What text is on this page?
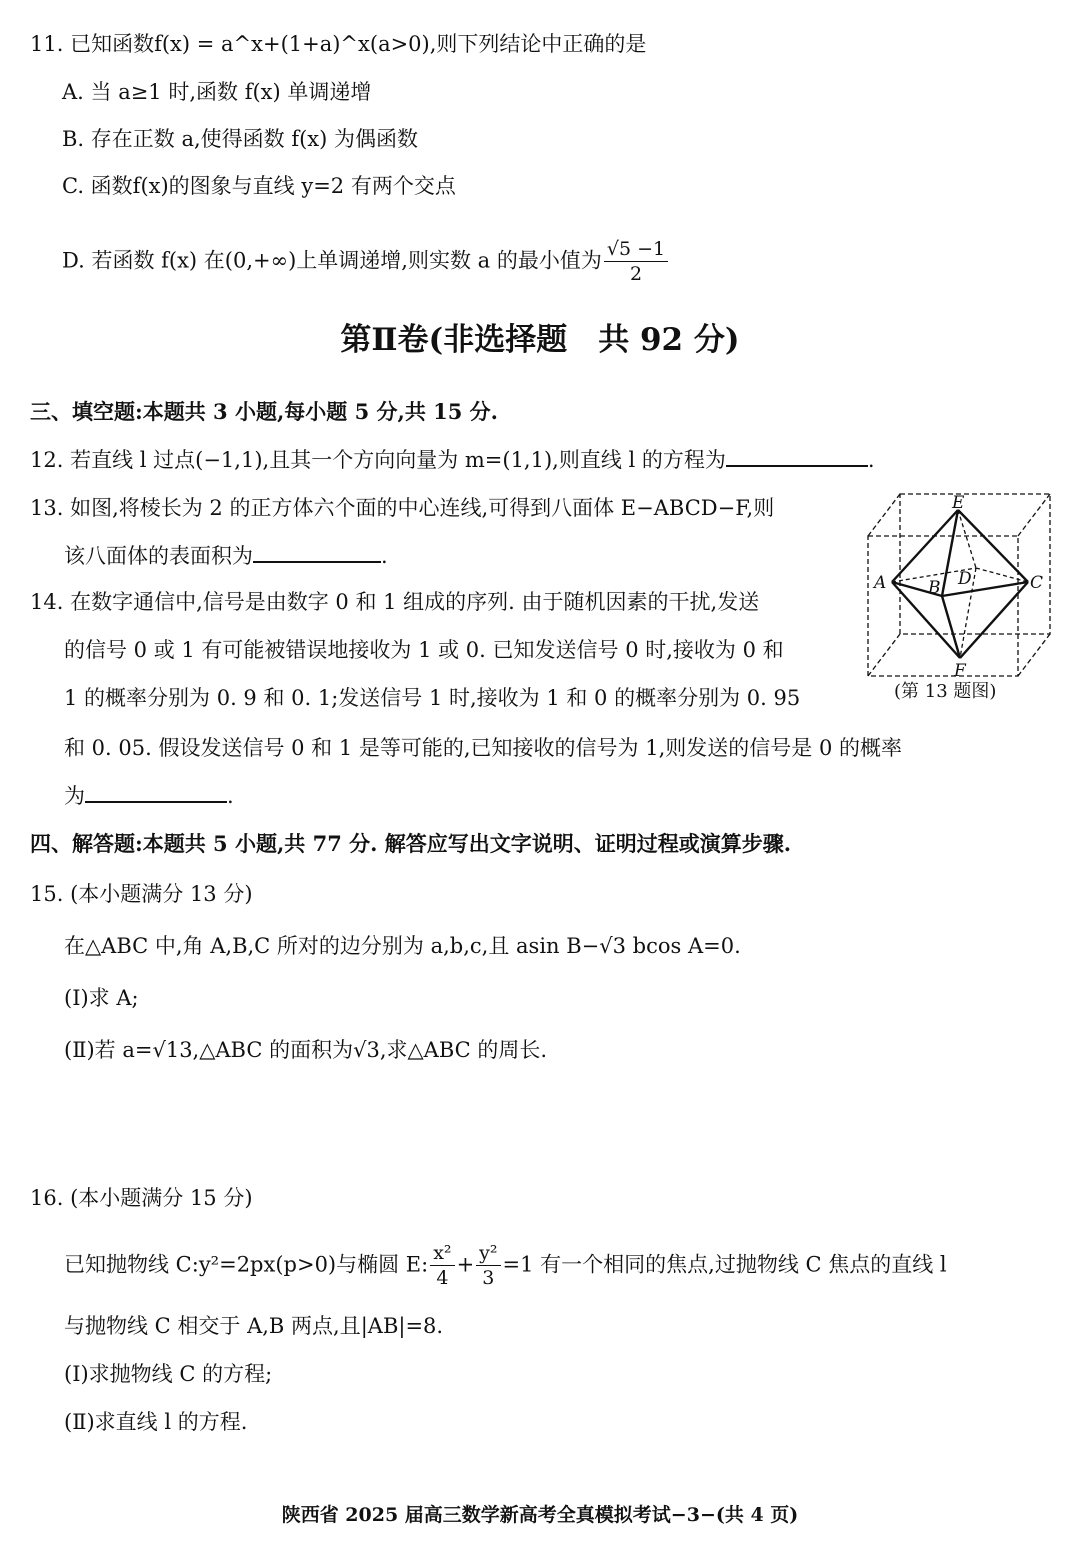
11. 已知函数f(x) = a^x+(1+a)^x(a>0),则下列结论中正确的是
A. 当 a≥1 时,函数 f(x) 单调递增
B. 存在正数 a,使得函数 f(x) 为偶函数
C. 函数f(x)的图象与直线 y=2 有两个交点
D. 若函数 f(x) 在(0,+∞)上单调递增,则实数 a 的最小值为 $\frac{√5 -1}{2}$
第Ⅱ卷(非选择题　共 92 分)
三、填空题:本题共 3 小题,每小题 5 分,共 15 分.
12. 若直线 l 过点(−1,1),且其一个方向向量为 m=(1,1),则直线 l 的方程为	.
13. 如图,将棱长为 2 的正方体六个面的中心连线,可得到八面体 E−ABCD−F,则
该八面体的表面积为	.
E
A B D	C
F
(第 13 题图)
14. 在数字通信中,信号是由数字 0 和 1 组成的序列. 由于随机因素的干扰,发送
的信号 0 或 1 有可能被错误地接收为 1 或 0. 已知发送信号 0 时,接收为 0 和
1 的概率分别为 0. 9 和 0. 1;发送信号 1 时,接收为 1 和 0 的概率分别为 0. 95
和 0. 05. 假设发送信号 0 和 1 是等可能的,已知接收的信号为 1,则发送的信号是 0 的概率
为	.
四、解答题:本题共 5 小题,共 77 分. 解答应写出文字说明、证明过程或演算步骤.
15. (本小题满分 13 分)
在△ABC 中,角 A,B,C 所对的边分别为 a,b,c,且 asin B−√3 bcos A=0.
(Ⅰ)求 A;
(Ⅱ)若 a=√13,△ABC 的面积为√3,求△ABC 的周长.
16. (本小题满分 15 分)
已知抛物线 C:y²=2px(p>0)与椭圆 E: $\frac{\text{x²}}{4} + \frac{\text{y²}}{3} =1$ 有一个相同的焦点,过抛物线 C 焦点的直线 l
与抛物线 C 相交于 A,B 两点,且|AB|=8.
(Ⅰ)求抛物线 C 的方程;
(Ⅱ)求直线 l 的方程.
陕西省 2025 届高三数学新高考全真模拟考试−3−(共 4 页)
